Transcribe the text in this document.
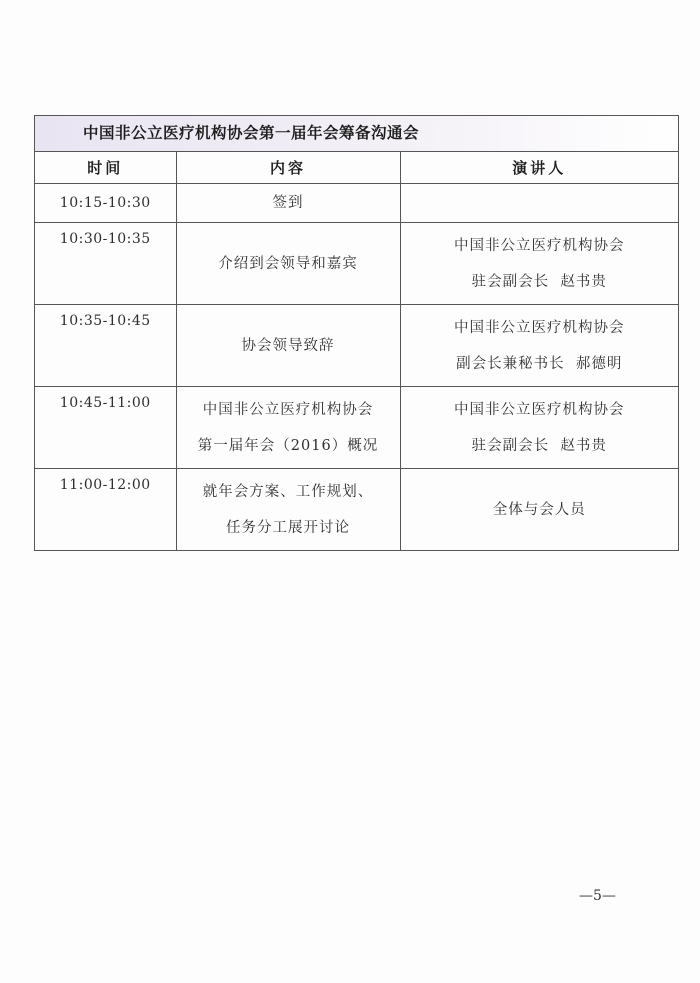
中国非公立医疗机构协会第一届年会筹备沟通会
时间	内容	演讲人
10:15-10:30	签到	

10:30-10:35	介绍到会领导和嘉宾	中国非公立医疗机构协会
驻会副会长  赵书贵

10:35-10:45	协会领导致辞	中国非公立医疗机构协会
副会长兼秘书长  郝德明

10:45-11:00	中国非公立医疗机构协会
第一届年会（2016）概况	中国非公立医疗机构协会
驻会副会长  赵书贵

11:00-12:00	就年会方案、工作规划、
任务分工展开讨论	全体与会人员
—5—
